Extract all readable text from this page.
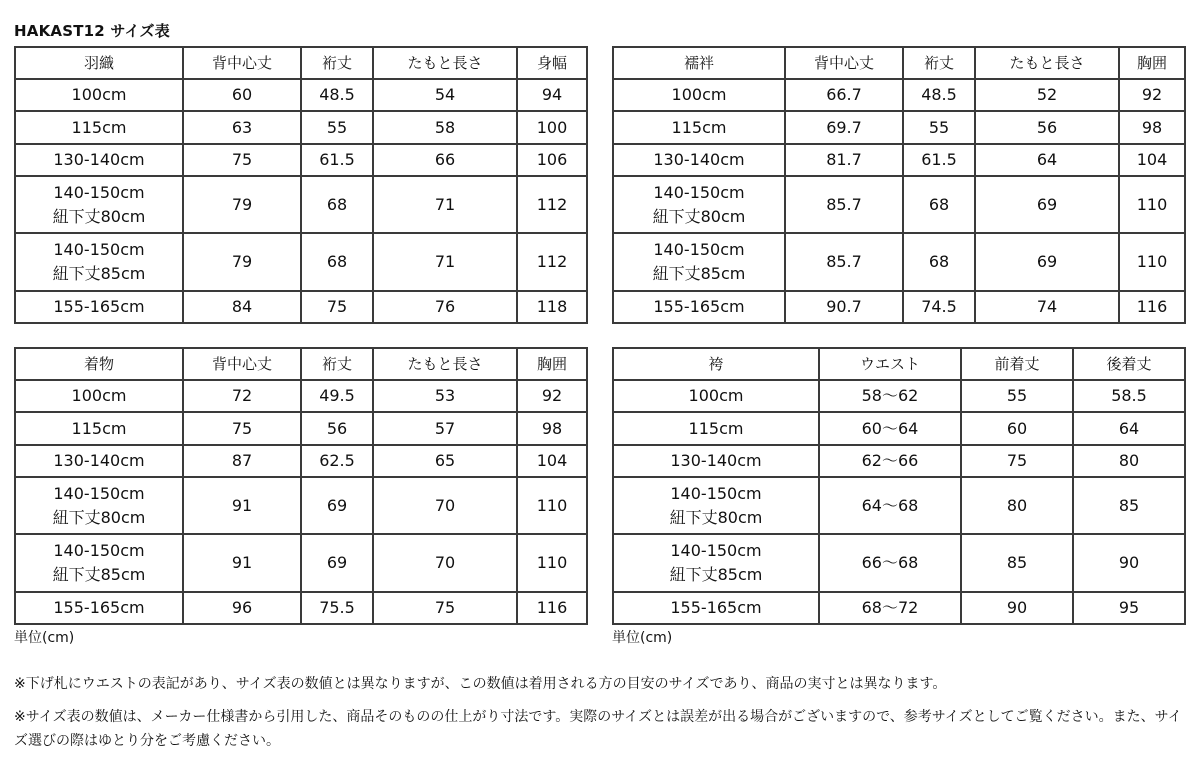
HAKAST12 サイズ表
羽織	背中心丈	裄丈	たもと長さ	身幅

100cm	60	48.5	54	94

115cm	63	55	58	100

130-140cm	75	61.5	66	106

140-150cm
紐下丈80cm	79	68	71	112

140-150cm
紐下丈85cm	79	68	71	112

155-165cm	84	75	76	118
襦袢	背中心丈	裄丈	たもと長さ	胸囲

100cm	66.7	48.5	52	92

115cm	69.7	55	56	98

130-140cm	81.7	61.5	64	104

140-150cm
紐下丈80cm	85.7	68	69	110

140-150cm
紐下丈85cm	85.7	68	69	110

155-165cm	90.7	74.5	74	116
着物	背中心丈	裄丈	たもと長さ	胸囲

100cm	72	49.5	53	92

115cm	75	56	57	98

130-140cm	87	62.5	65	104

140-150cm
紐下丈80cm	91	69	70	110

140-150cm
紐下丈85cm	91	69	70	110

155-165cm	96	75.5	75	116
袴	ウエスト	前着丈	後着丈

100cm	58〜62	55	58.5

115cm	60〜64	60	64

130-140cm	62〜66	75	80

140-150cm
紐下丈80cm	64〜68	80	85

140-150cm
紐下丈85cm	66〜68	85	90

155-165cm	68〜72	90	95
単位(cm)	単位(cm)
※下げ札にウエストの表記があり、サイズ表の数値とは異なりますが、この数値は着用される方の目安のサイズであり、商品の実寸とは異なります。
※サイズ表の数値は、メーカー仕様書から引用した、商品そのものの仕上がり寸法です。実際のサイズとは誤差が出る場合がございますので、参考サイズとしてご覧ください。また、サイズ選びの際はゆとり分をご考慮ください。
